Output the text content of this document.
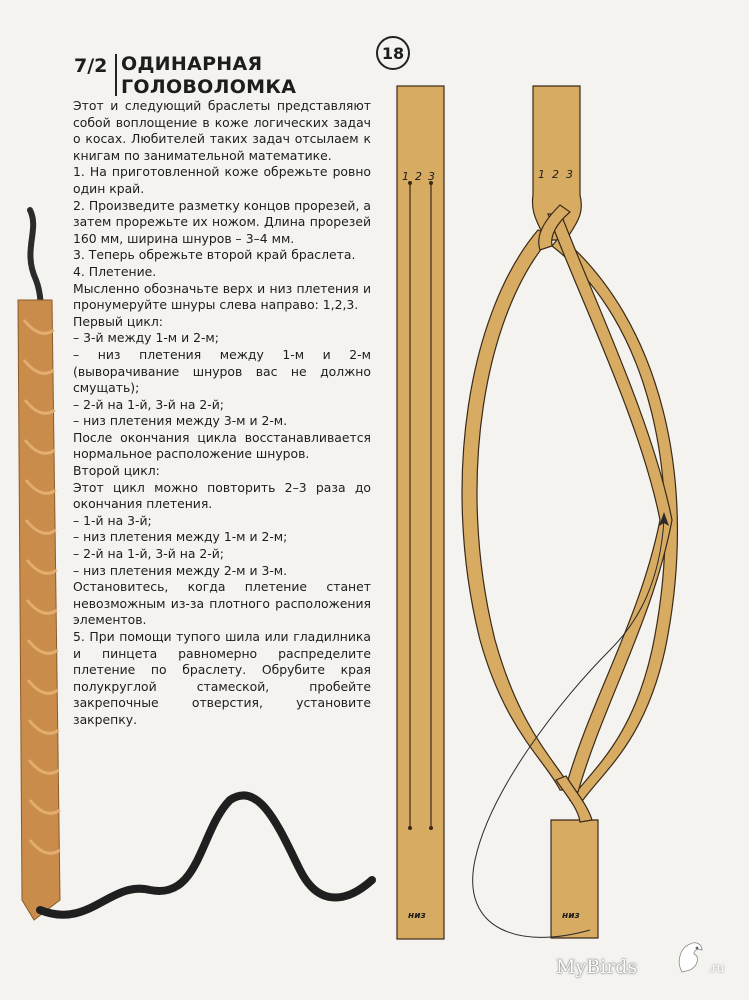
7/2 ОДИНАРНАЯ
ГОЛОВОЛОМКА

Этот и следующий браслеты представляют собой воплощение в коже логических задач о косах. Любителей таких задач отсылаем к книгам по занимательной математике.

1. На приготовленной коже обрежьте ровно один край.

2. Произведите разметку концов прорезей, а затем прорежьте их ножом. Длина прорезей 160 мм, ширина шнуров – 3–4 мм.

3. Теперь обрежьте второй край браслета.

4. Плетение.

Мысленно обозначьте верх и низ плетения и пронумеруйте шнуры слева направо: 1,2,3.

Первый цикл:

– 3-й между 1-м и 2-м;

– низ плетения между 1-м и 2-м (выворачивание шнуров вас не должно смущать);

– 2-й на 1-й, 3-й на 2-й;

– низ плетения между 3-м и 2-м.

После окончания цикла восстанавливается нормальное расположение шнуров.

Второй цикл:

Этот цикл можно повторить 2–3 раза до окончания плетения.

– 1-й на 3-й;

– низ плетения между 1-м и 2-м;

– 2-й на 1-й, 3-й на 2-й;

– низ плетения между 2-м и 3-м.

Остановитесь, когда плетение станет невозможным из-за плотного расположения элементов.

5. При помощи тупого шила или гладилника и пинцета равномерно распределите плетение по браслету. Обрубите края полукруглой стамеской, пробейте закрепочные отверстия, установите закрепку.

18
1 2 3
низ
1 2 3
низ
MyBirds	.ru
